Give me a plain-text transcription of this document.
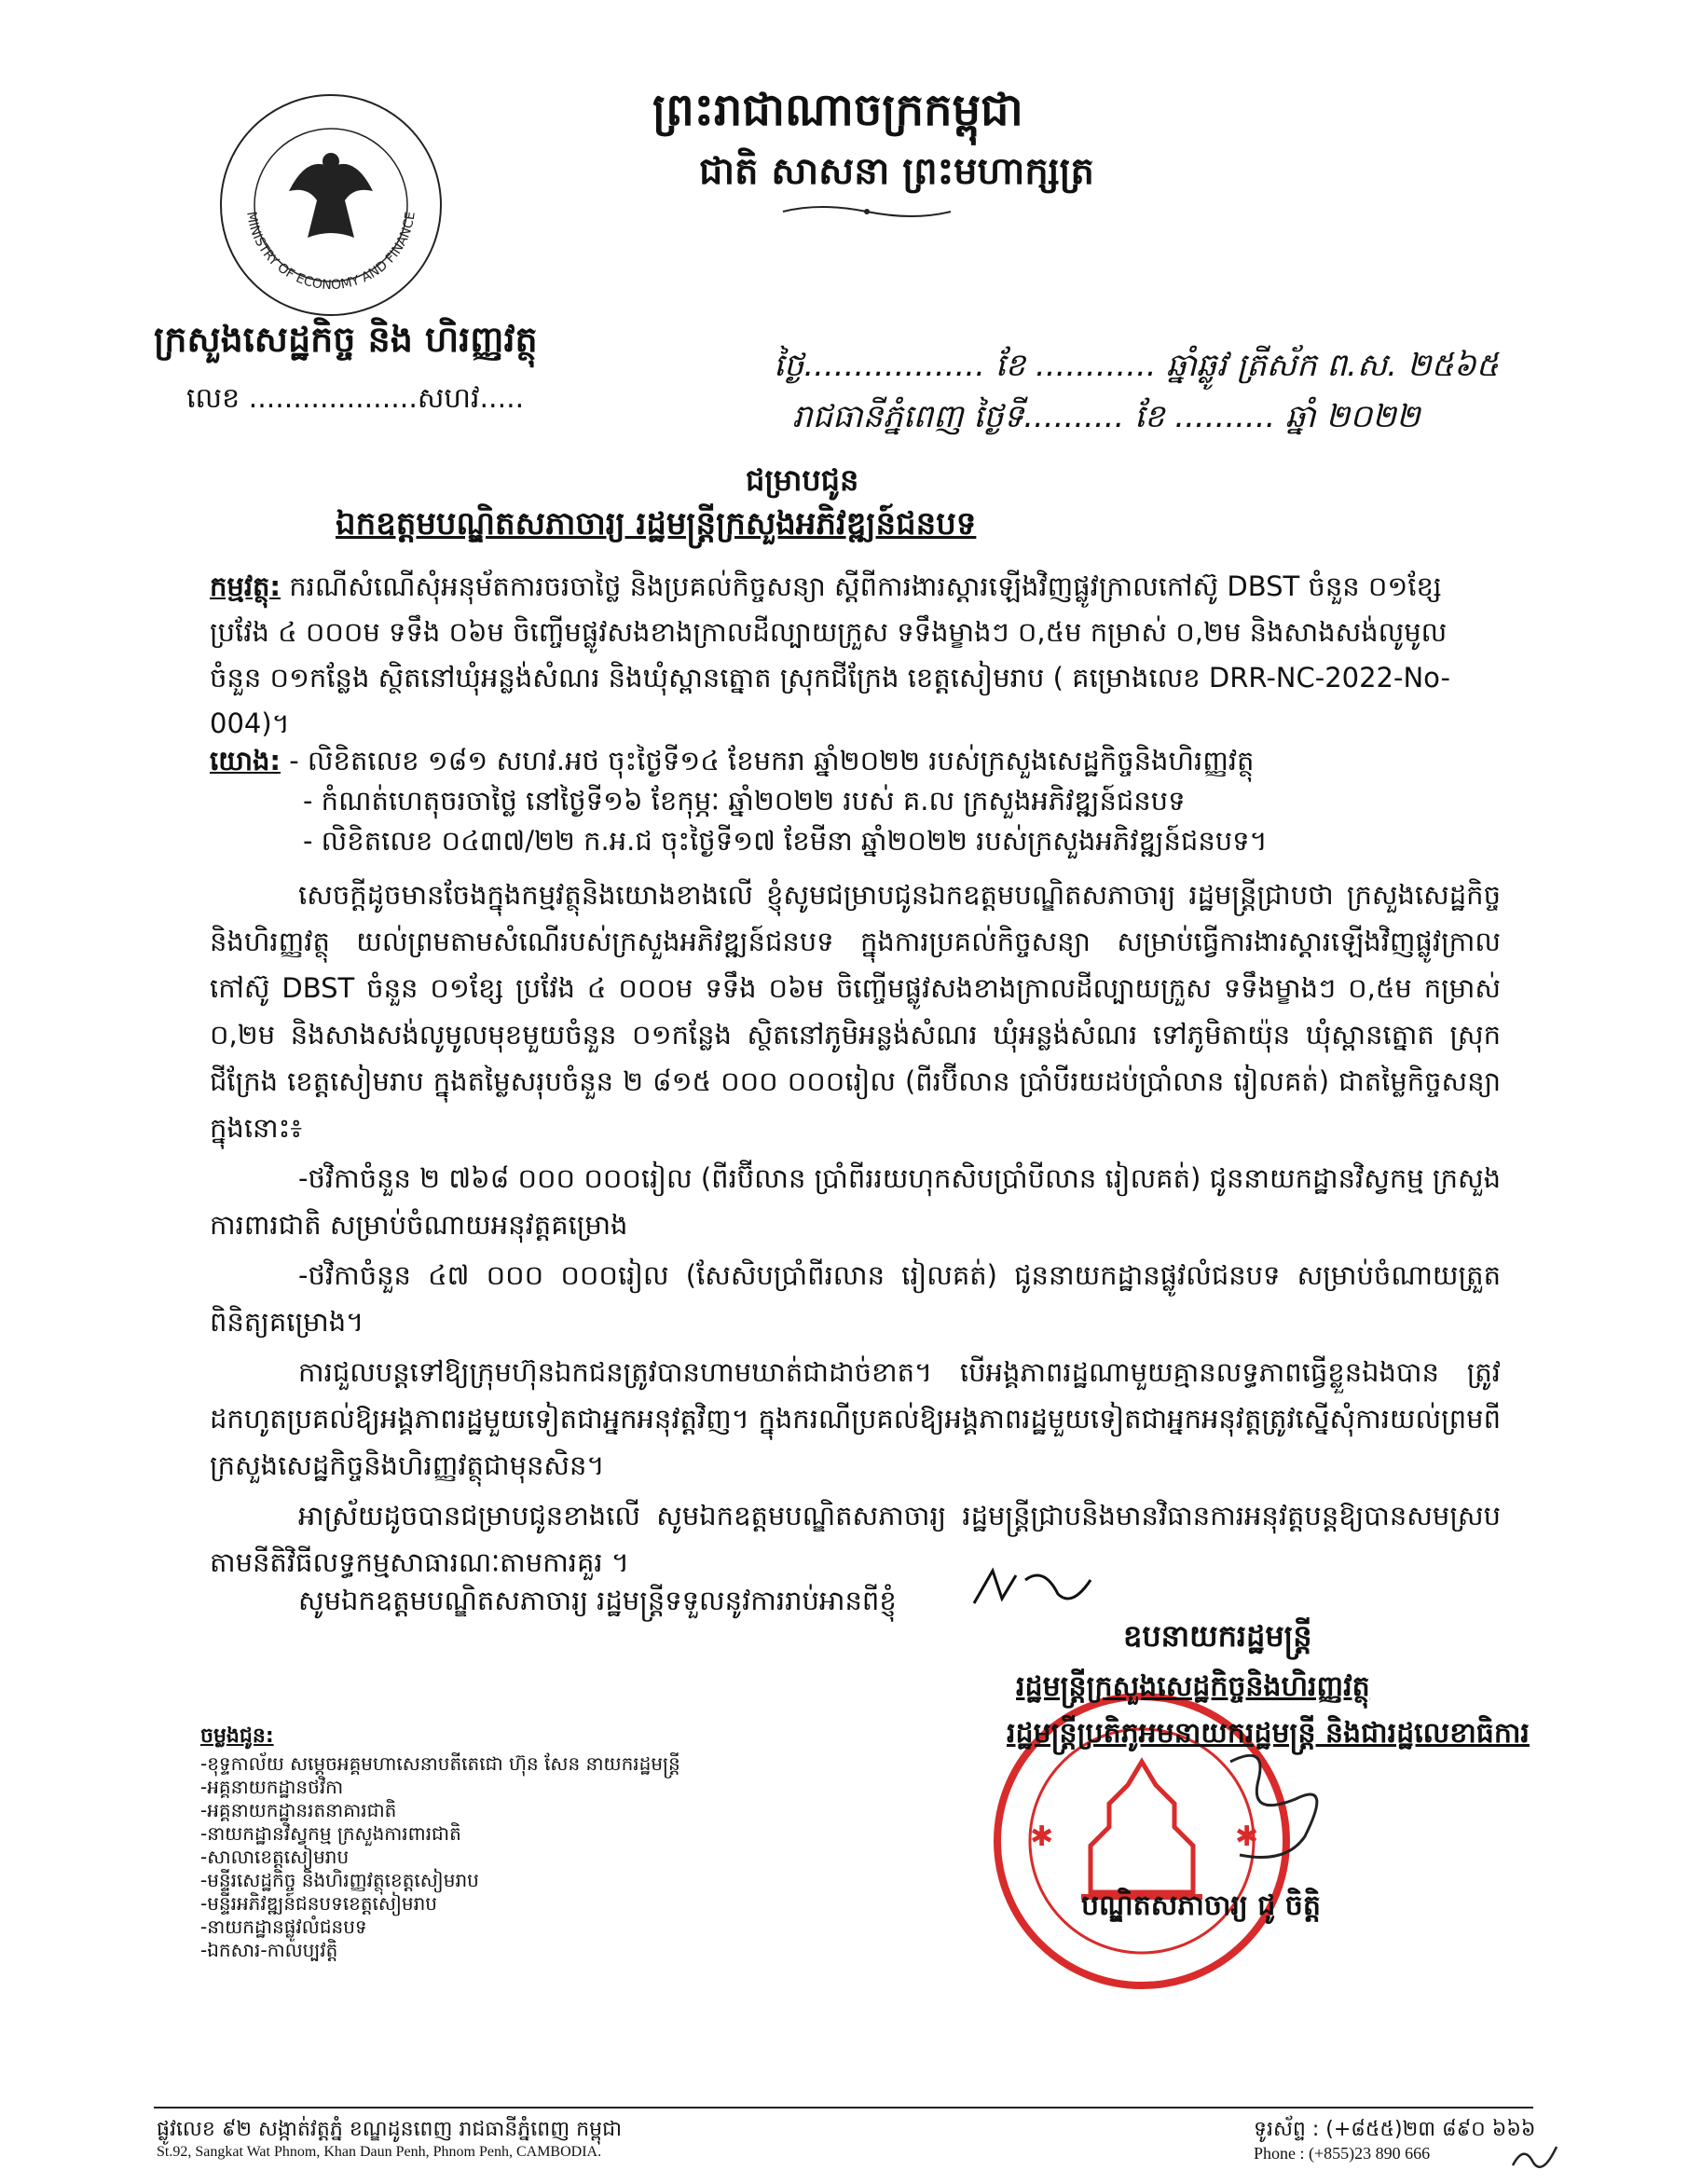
MINISTRY OF ECONOMY AND FINANCE
ក្រសួងសេដ្ឋកិច្ច និង ហិរញ្ញវត្ថុ
លេខ ...................សហវ.....
ព្រះរាជាណាចក្រកម្ពុជា
ជាតិ សាសនា ព្រះមហាក្សត្រ
ថ្ងៃ.................. ខែ ............ ឆ្នាំឆ្លូវ ត្រីស័ក ព.ស. ២៥៦៥
រាជធានីភ្នំពេញ ថ្ងៃទី.......... ខែ .......... ឆ្នាំ ២០២២
ជម្រាបជូន
ឯកឧត្តមបណ្ឌិតសភាចារ្យ រដ្ឋមន្ត្រីក្រសួងអភិវឌ្ឍន៍ជនបទ
កម្មវត្ថុ: ករណីសំណើសុំអនុម័តការចរចាថ្លៃ និងប្រគល់កិច្ចសន្យា ស្តីពីការងារស្តារឡើងវិញផ្លូវក្រាលកៅស៊ូ DBST ចំនួន ០១ខ្សែ ប្រវែង ៤ ០០០ម ទទឹង ០៦ម ចិញ្ចើមផ្លូវសងខាងក្រាលដីល្បាយក្រួស ទទឹងម្ខាងៗ ០,៥ម កម្រាស់ ០,២ម និងសាងសង់លូមូលចំនួន ០១កន្លែង ស្ថិតនៅឃុំអន្លង់សំណរ និងឃុំស្ពានត្នោត ស្រុកជីក្រែង ខេត្តសៀមរាប ( គម្រោងលេខ DRR-NC-2022-No-004)។
យោង: - លិខិតលេខ ១៨១ សហវ.អថ ចុះថ្ងៃទី១៤ ខែមករា ឆ្នាំ២០២២ របស់ក្រសួងសេដ្ឋកិច្ចនិងហិរញ្ញវត្ថុ
- កំណត់ហេតុចរចាថ្លៃ នៅថ្ងៃទី១៦ ខែកុម្ភៈ ឆ្នាំ២០២២ របស់ គ.ល ក្រសួងអភិវឌ្ឍន៍ជនបទ
- លិខិតលេខ ០៤៣៧/២២ ក.អ.ជ ចុះថ្ងៃទី១៧ ខែមីនា ឆ្នាំ២០២២ របស់ក្រសួងអភិវឌ្ឍន៍ជនបទ។

សេចក្តីដូចមានចែងក្នុងកម្មវត្ថុនិងយោងខាងលើ ខ្ញុំសូមជម្រាបជូនឯកឧត្តមបណ្ឌិតសភាចារ្យ រដ្ឋមន្ត្រីជ្រាបថា ក្រសួងសេដ្ឋកិច្ច និងហិរញ្ញវត្ថុ យល់ព្រមតាមសំណើរបស់ក្រសួងអភិវឌ្ឍន៍ជនបទ ក្នុងការប្រគល់កិច្ចសន្យា សម្រាប់ធ្វើការងារស្តារឡើងវិញផ្លូវក្រាលកៅស៊ូ DBST ចំនួន ០១ខ្សែ ប្រវែង ៤ ០០០ម ទទឹង ០៦ម ចិញ្ចើមផ្លូវសងខាងក្រាលដីល្បាយក្រួស ទទឹងម្ខាងៗ ០,៥ម កម្រាស់ ០,២ម និងសាងសង់លូមូលមុខមួយចំនួន ០១កន្លែង ស្ថិតនៅភូមិអន្លង់សំណរ ឃុំអន្លង់សំណរ ទៅភូមិតាយ៉ុន ឃុំស្ពានត្នោត ស្រុកជីក្រែង ខេត្តសៀមរាប ក្នុងតម្លៃសរុបចំនួន ២ ៨១៥ ០០០ ០០០រៀល (ពីរប៊ីលាន ប្រាំបីរយដប់ប្រាំលាន រៀលគត់) ជាតម្លៃកិច្ចសន្យាក្នុងនោះ៖

-ថវិកាចំនួន ២ ៧៦៨ ០០០ ០០០រៀល (ពីរប៊ីលាន ប្រាំពីររយហុកសិបប្រាំបីលាន រៀលគត់) ជូននាយកដ្ឋានវិស្វកម្ម ក្រសួងការពារជាតិ សម្រាប់ចំណាយអនុវត្តគម្រោង

-ថវិកាចំនួន ៤៧ ០០០ ០០០រៀល (សែសិបប្រាំពីរលាន រៀលគត់) ជូននាយកដ្ឋានផ្លូវលំជនបទ សម្រាប់ចំណាយត្រួតពិនិត្យគម្រោង។

ការជួលបន្តទៅឱ្យក្រុមហ៊ុនឯកជនត្រូវបានហាមឃាត់ជាដាច់ខាត។ បើអង្គភាពរដ្ឋណាមួយគ្មានលទ្ធភាពធ្វើខ្លួនឯងបាន ត្រូវដកហូតប្រគល់ឱ្យអង្គភាពរដ្ឋមួយទៀតជាអ្នកអនុវត្តវិញ។ ក្នុងករណីប្រគល់ឱ្យអង្គភាពរដ្ឋមួយទៀតជាអ្នកអនុវត្តត្រូវស្នើសុំការយល់ព្រមពីក្រសួងសេដ្ឋកិច្ចនិងហិរញ្ញវត្ថុជាមុនសិន។

អាស្រ័យដូចបានជម្រាបជូនខាងលើ សូមឯកឧត្តមបណ្ឌិតសភាចារ្យ រដ្ឋមន្ត្រីជ្រាបនិងមានវិធានការអនុវត្តបន្តឱ្យបានសមស្របតាមនីតិវិធីលទ្ធកម្មសាធារណៈតាមការគួរ ។

សូមឯកឧត្តមបណ្ឌិតសភាចារ្យ រដ្ឋមន្ត្រីទទួលនូវការរាប់អានពីខ្ញុំ
✱	✱
ឧបនាយករដ្ឋមន្ត្រី
រដ្ឋមន្ត្រីក្រសួងសេដ្ឋកិច្ចនិងហិរញ្ញវត្ថុ
រដ្ឋមន្ត្រីប្រតិភូអមនាយករដ្ឋមន្ត្រី និងជារដ្ឋលេខាធិការ
បណ្ឌិតសភាចារ្យ ជូ ចិត្តិ
ចម្លងជូន:
-ខុទ្ទកាល័យ សម្តេចអគ្គមហាសេនាបតីតេជោ ហ៊ុន សែន នាយករដ្ឋមន្ត្រី
-អគ្គនាយកដ្ឋានថវិកា
-អគ្គនាយកដ្ឋានរតនាគារជាតិ
-នាយកដ្ឋានវិស្វកម្ម ក្រសួងការពារជាតិ
-សាលាខេត្តសៀមរាប
-មន្ទីរសេដ្ឋកិច្ច និងហិរញ្ញវត្ថុខេត្តសៀមរាប
-មន្ទីរអភិវឌ្ឍន៍ជនបទខេត្តសៀមរាប
-នាយកដ្ឋានផ្លូវលំជនបទ
-ឯកសារ-កាលប្បវត្តិ
ផ្លូវលេខ ៩២ សង្កាត់វត្តភ្នំ ខណ្ឌដូនពេញ រាជធានីភ្នំពេញ កម្ពុជា
St.92, Sangkat Wat Phnom, Khan Daun Penh, Phnom Penh, CAMBODIA.
ទូរស័ព្ទ : (+៨៥៥)២៣ ៨៩០ ៦៦៦
Phone : (+855)23 890 666
